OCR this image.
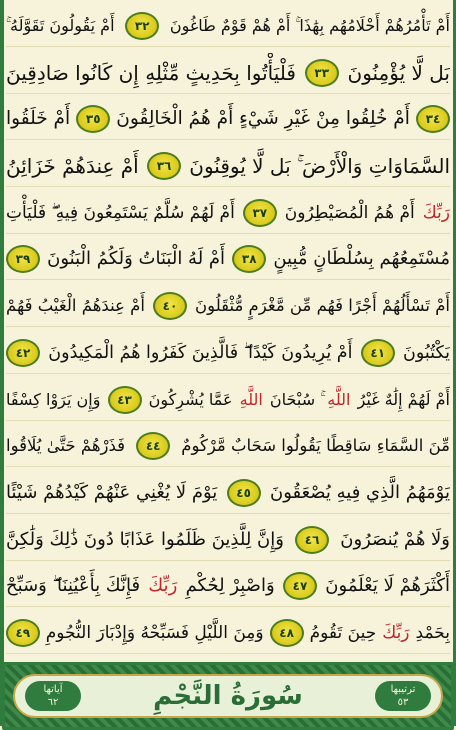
أَمْ تَأْمُرُهُمْ أَحْلَامُهُم بِهَٰذَا ۚ أَمْ هُمْ قَوْمٌ طَاغُونَ
٣٢
أَمْ يَقُولُونَ تَقَوَّلَهُ ۚ
بَل لَّا يُؤْمِنُونَ
٣٣
فَلْيَأْتُوا بِحَدِيثٍ مِّثْلِهِ إِن كَانُوا صَادِقِينَ
٣٤
أَمْ خُلِقُوا مِنْ غَيْرِ شَيْءٍ أَمْ هُمُ الْخَالِقُونَ
٣٥
أَمْ خَلَقُوا
السَّمَاوَاتِ وَالْأَرْضَ ۚ بَل لَّا يُوقِنُونَ
٣٦
أَمْ عِندَهُمْ خَزَائِنُ
رَبِّكَ
أَمْ هُمُ الْمُصَيْطِرُونَ
٣٧
أَمْ لَهُمْ سُلَّمٌ يَسْتَمِعُونَ فِيهِ ۖ فَلْيَأْتِ
مُسْتَمِعُهُم بِسُلْطَانٍ مُّبِينٍ
٣٨
أَمْ لَهُ الْبَنَاتُ وَلَكُمُ الْبَنُونَ
٣٩
أَمْ تَسْأَلُهُمْ أَجْرًا فَهُم مِّن مَّغْرَمٍ مُّثْقَلُونَ
٤٠
أَمْ عِندَهُمُ الْغَيْبُ فَهُمْ
يَكْتُبُونَ
٤١
أَمْ يُرِيدُونَ كَيْدًا ۖ فَالَّذِينَ كَفَرُوا هُمُ الْمَكِيدُونَ
٤٢
أَمْ لَهُمْ إِلَٰهٌ غَيْرُ
اللَّهِ
ۚ سُبْحَانَ
اللَّهِ
عَمَّا يُشْرِكُونَ
٤٣
وَإِن يَرَوْا كِسْفًا
مِّنَ السَّمَاءِ سَاقِطًا يَقُولُوا سَحَابٌ مَّرْكُومٌ
٤٤
فَذَرْهُمْ حَتَّىٰ يُلَاقُوا
يَوْمَهُمُ الَّذِي فِيهِ يُصْعَقُونَ
٤٥
يَوْمَ لَا يُغْنِي عَنْهُمْ كَيْدُهُمْ شَيْئًا
وَلَا هُمْ يُنصَرُونَ
٤٦
وَإِنَّ لِلَّذِينَ ظَلَمُوا عَذَابًا دُونَ ذَٰلِكَ وَلَٰكِنَّ
أَكْثَرَهُمْ لَا يَعْلَمُونَ
٤٧
وَاصْبِرْ لِحُكْمِ
رَبِّكَ
فَإِنَّكَ بِأَعْيُنِنَا ۖ وَسَبِّحْ
بِحَمْدِ
رَبِّكَ
حِينَ تَقُومُ
٤٨
وَمِنَ اللَّيْلِ فَسَبِّحْهُ وَإِدْبَارَ النُّجُومِ
٤٩
آياتها
٦٢	سُورَةُ النَّجْمِ	ترتيبها
٥٣
